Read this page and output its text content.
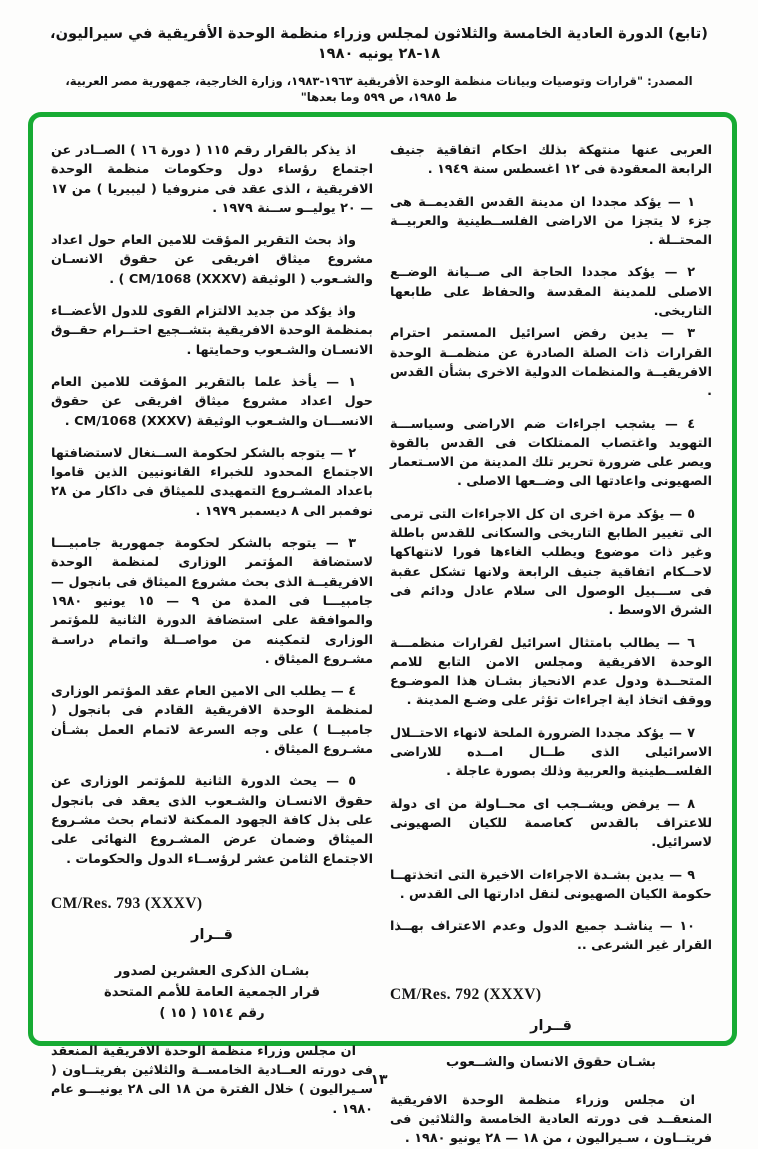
(تابع) الدورة العادية الخامسة والثلاثون لمجلس وزراء منظمة الوحدة الأفريقية في سيراليون، ١٨-٢٨ يونيه ١٩٨٠
المصدر: "قرارات وتوصيات وبيانات منظمة الوحدة الأفريقية ١٩٦٣-١٩٨٣، وزارة الخارجية، جمهورية مصر العربية، ط ١٩٨٥، ص ٥٩٩ وما بعدها"

العربى عنها منتهكة بذلك احكام اتفاقية جنيف الرابعة المعقودة فى ١٢ اغسطس سنة ١٩٤٩ .

١ — يؤكد مجددا ان مدينة القدس القديمــة هى جزء لا يتجزا من الاراضى الفلســطينية والعربيــة المحتــلة .

٢ — يؤكد مجددا الحاجة الى صــيانة الوضــع الاصلى للمدينة المقدسة والحفاظ على طابعها التاريخى.

٣ — يدين رفض اسرائيل المستمر احترام القرارات ذات الصلة الصادرة عن منظمــة الوحدة الافريقيــة والمنظمات الدولية الاخرى بشأن القدس .

٤ — يشجب اجراءات ضم الاراضى وسياســـة التهويد واغتصاب الممتلكات فى القدس بالقوة ويصر على ضرورة تحرير تلك المدينة من الاسـتعمار الصهيونى واعادتها الى وضــعها الاصلى .

٥ — يؤكد مرة اخرى ان كل الاجراءات التى ترمى الى تغيير الطابع التاريخى والسكانى للقدس باطلة وغير ذات موضوع ويطلب الغاءها فورا لانتهاكها لاحــكام اتفاقية جنيف الرابعة ولانها تشكل عقبة فى ســـبيل الوصول الى سلام عادل ودائم فى الشرق الاوسط .

٦ — يطالب بامتثال اسرائيل لقرارات منظمـــة الوحدة الافريقية ومجلس الامن التابع للامم المتحــدة ودول عدم الانحياز بشـان هذا الموضـوع ووقف اتخاذ اية اجراءات تؤثر على وضـع المدينة .

٧ — يؤكد مجددا الضرورة الملحة لانهاء الاحتــلال الاسرائيلى الذى طــال امــده للاراضى الفلســطينية والعربية وذلك بصورة عاجلة .

٨ — يرفض ويشــجب اى محــاولة من اى دولة للاعتراف بالقدس كعاصمة للكيان الصهيونى لاسرائيل.

٩ — يدين بشـدة الاجراءات الاخيرة التى اتخذتهــا حكومة الكيان الصهيونى لنقل ادارتها الى القدس .

١٠ — يناشـد جميع الدول وعدم الاعتراف بهــذا القرار غير الشرعى ..

CM/Res. 792 (XXXV)
قــرار
بشـان حقوق الانسان والشــعوب

ان مجلس وزراء منظمة الوحدة الافريقية المنعقــد فى دورته العادية الخامسة والثلاثين فى فريتــاون ، سـيراليون ، من ١٨ — ٢٨ يونيو ١٩٨٠ .

اذ يذكر بالقرار رقم ١١٥ ( دورة ١٦ ) الصــادر عن اجتماع رؤساء دول وحكومات منظمة الوحدة الافريقية ، الذى عقد فى منروفيا ( ليبيريا ) من ١٧ — ٢٠ يوليــو ســنة ١٩٧٩ .

واذ بحث التقرير المؤقت للامين العام حول اعداد مشروع ميثاق افريقى عن حقوق الانسـان والشـعوب ( الوثيقة ⁦CM/1068 (XXXV)⁩ ) .

واذ يؤكد من جديد الالتزام القوى للدول الأعضــاء بمنظمة الوحدة الافريقية بتشــجيع احتــرام حقــوق الانسـان والشـعوب وحمايتها .

١ — يأخذ علما بالتقرير المؤقت للامين العام حول اعداد مشروع ميثاق افريقى عن حقوق الانســـان والشـعوب الوثيقة ⁦CM/1068 (XXXV)⁩ .

٢ — يتوجه بالشكر لحكومة الســنغال لاستضافتها الاجتماع المحدود للخبراء القانونيين الذين قاموا باعداد المشـروع التمهيدى للميثاق فى داكار من ٢٨ نوفمبر الى ٨ ديسمبر ١٩٧٩ .

٣ — يتوجه بالشكر لحكومة جمهورية جامبيـــا لاستضافة المؤتمر الوزارى لمنظمة الوحدة الافريقيــة الذى بحث مشروع الميثاق فى بانجول — جامبيـــا فى المدة من ٩ — ١٥ يونيو ١٩٨٠ والموافقة على استضافة الدورة الثانية للمؤتمر الوزارى لتمكينه من مواصــلة واتمام دراسـة مشـروع الميثاق .

٤ — يطلب الى الامين العام عقد المؤتمر الوزارى لمنظمة الوحدة الافريقية القادم فى بانجول ( جامبيــا ) على وجه السرعة لاتمام العمل بشـأن مشـروع الميثاق .

٥ — يحث الدورة الثانية للمؤتمر الوزارى عن حقوق الانسـان والشـعوب الذى يعقد فى بانجول على بذل كافة الجهود الممكنة لاتمام بحث مشـروع الميثاق وضمان عرض المشـروع النهائى على الاجتماع الثامن عشر لرؤســاء الدول والحكومات .

CM/Res. 793 (XXXV)
قــرار
بشـان الذكرى العشرين لصدور
قرار الجمعية العامة للأمم المتحدة
رقم ١٥١٤ ( ١٥ )

ان مجلس وزراء منظمة الوحدة الافريقية المنعقد فى دورته العــادية الخامســة والثلاثين بفريتــاون ( سـيراليون ) خلال الفترة من ١٨ الى ٢٨ يونيـــو عام ١٩٨٠ .

١٣
